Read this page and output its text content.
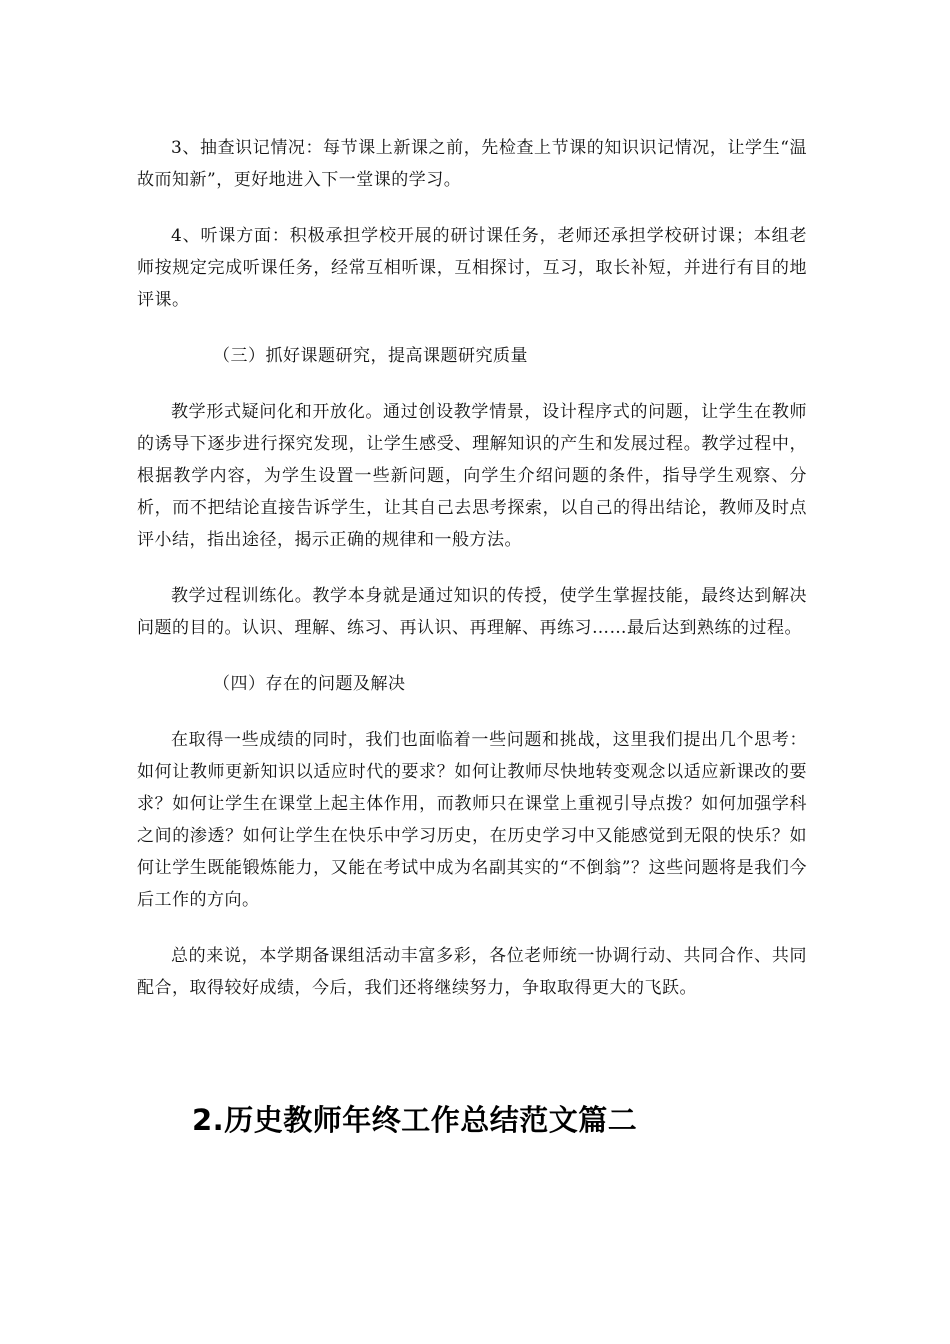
3、抽查识记情况：每节课上新课之前，先检查上节课的知识识记情况，让学生“温故而知新”，更好地进入下一堂课的学习。

4、听课方面：积极承担学校开展的研讨课任务，老师还承担学校研讨课；本组老师按规定完成听课任务，经常互相听课，互相探讨，互习，取长补短，并进行有目的地评课。

（三）抓好课题研究，提高课题研究质量

教学形式疑问化和开放化。通过创设教学情景，设计程序式的问题，让学生在教师的诱导下逐步进行探究发现，让学生感受、理解知识的产生和发展过程。教学过程中，根据教学内容，为学生设置一些新问题，向学生介绍问题的条件，指导学生观察、分析，而不把结论直接告诉学生，让其自己去思考探索，以自己的得出结论，教师及时点评小结，指出途径，揭示正确的规律和一般方法。

教学过程训练化。教学本身就是通过知识的传授，使学生掌握技能，最终达到解决问题的目的。认识、理解、练习、再认识、再理解、再练习……最后达到熟练的过程。

（四）存在的问题及解决

在取得一些成绩的同时，我们也面临着一些问题和挑战，这里我们提出几个思考：如何让教师更新知识以适应时代的要求？如何让教师尽快地转变观念以适应新课改的要求？如何让学生在课堂上起主体作用，而教师只在课堂上重视引导点拨？如何加强学科之间的渗透？如何让学生在快乐中学习历史，在历史学习中又能感觉到无限的快乐？如何让学生既能锻炼能力，又能在考试中成为名副其实的“不倒翁”？这些问题将是我们今后工作的方向。

总的来说，本学期备课组活动丰富多彩，各位老师统一协调行动、共同合作、共同配合，取得较好成绩，今后，我们还将继续努力，争取取得更大的飞跃。

2.历史教师年终工作总结范文篇二
